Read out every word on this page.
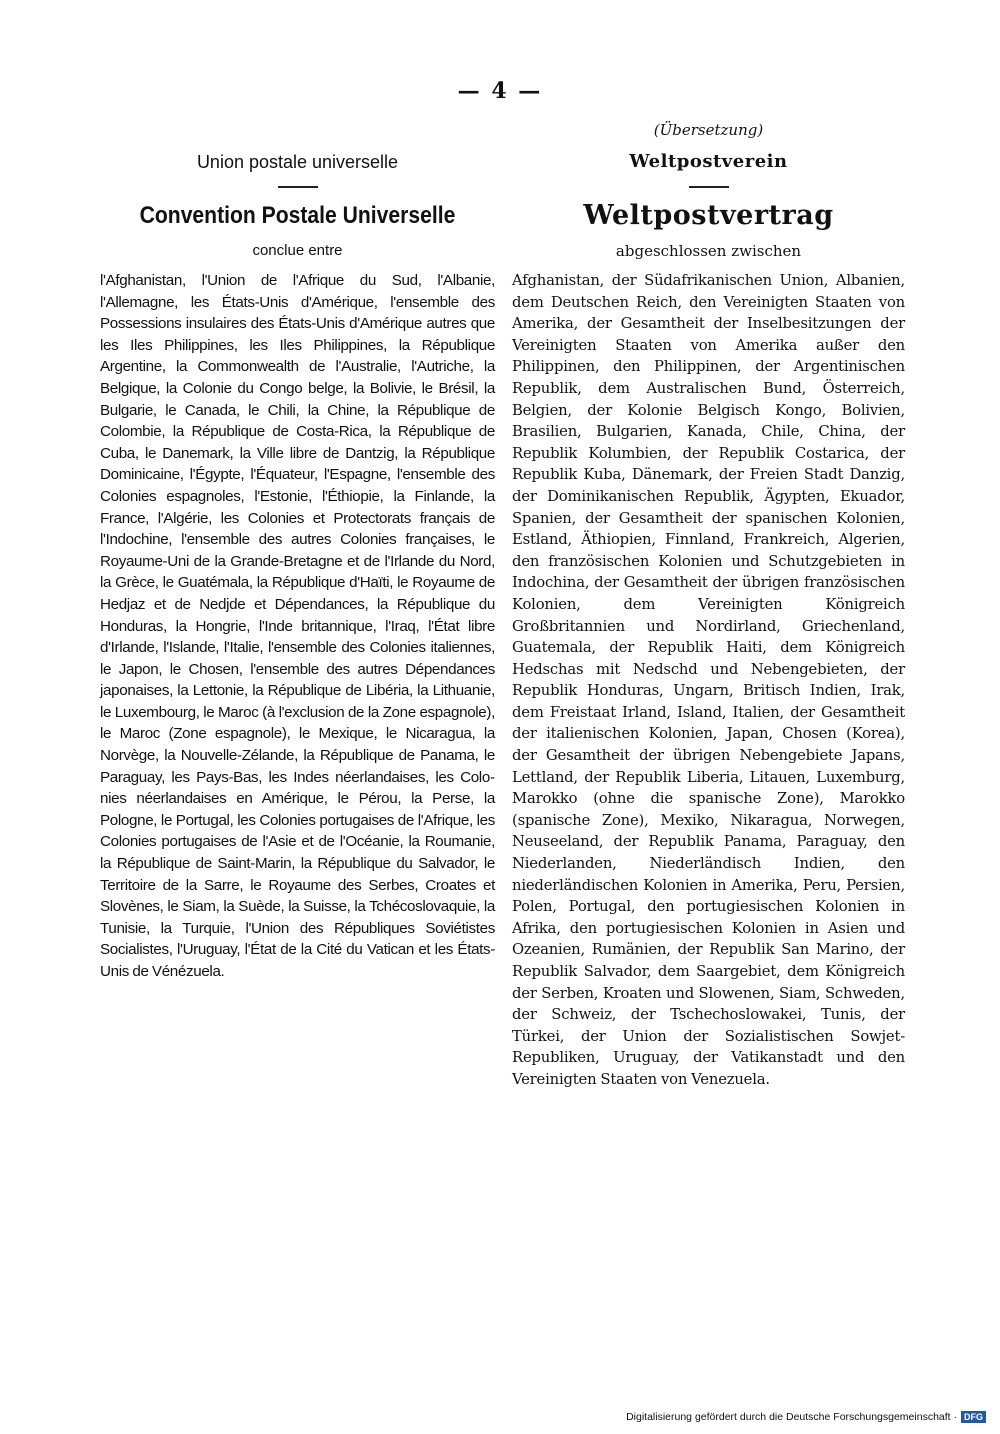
— 4 —
Union postale universelle
Convention Postale Universelle
conclue entre
l'Afghanistan, l'Union de l'Afrique du Sud, l'Albanie, l'Allemagne, les États-Unis d'Amérique, l'ensemble des Possessions insulaires des États-Unis d'Amérique autres que les Iles Philippines, les Iles Philippines, la République Argentine, la Commonwealth de l'Australie, l'Autriche, la Belgique, la Colonie du Congo belge, la Bolivie, le Brésil, la Bulgarie, le Canada, le Chili, la Chine, la République de Colombie, la République de Costa-Rica, la République de Cuba, le Danemark, la Ville libre de Dantzig, la République Dominicaine, l'Égypte, l'Équateur, l'Espagne, l'ensemble des Colonies espagnoles, l'Estonie, l'Éthiopie, la Finlande, la France, l'Algérie, les Colonies et Protectorats français de l'Indochine, l'ensemble des autres Colonies françaises, le Royaume-Uni de la Grande-Bretagne et de l'Irlande du Nord, la Grèce, le Guatémala, la République d'Haïti, le Royaume de Hedjaz et de Nedjde et Dépendances, la République du Honduras, la Hongrie, l'Inde britannique, l'Iraq, l'État libre d'Irlande, l'Islande, l'Italie, l'ensemble des Colonies italiennes, le Japon, le Chosen, l'ensemble des autres Dépendances japonaises, la Lettonie, la République de Libéria, la Lithuanie, le Luxembourg, le Maroc (à l'exclusion de la Zone espagnole), le Maroc (Zone espagnole), le Mexique, le Nicaragua, la Norvège, la Nouvelle-Zélande, la République de Panama, le Paraguay, les Pays-Bas, les Indes néerlandaises, les Colonies néerlandaises en Amérique, le Pérou, la Perse, la Pologne, le Portugal, les Colonies portugaises de l'Afrique, les Colonies portugaises de l'Asie et de l'Océanie, la Roumanie, la République de Saint-Marin, la République du Salvador, le Territoire de la Sarre, le Royaume des Serbes, Croates et Slovènes, le Siam, la Suède, la Suisse, la Tchécoslovaquie, la Tunisie, la Turquie, l'Union des Républiques Soviétistes Socialistes, l'Uruguay, l'État de la Cité du Vatican et les États-Unis de Vénézuela.
(Übersetzung)
Weltpostverein
Weltpostvertrag
abgeschlossen zwischen
Afghanistan, der Südafrikanischen Union, Albanien, dem Deutschen Reich, den Vereinigten Staaten von Amerika, der Gesamtheit der Inselbesitzungen der Vereinigten Staaten von Amerika außer den Philippinen, den Philippinen, der Argentinischen Republik, dem Australischen Bund, Österreich, Belgien, der Kolonie Belgisch Kongo, Bolivien, Brasilien, Bulgarien, Kanada, Chile, China, der Republik Kolumbien, der Republik Costarica, der Republik Kuba, Dänemark, der Freien Stadt Danzig, der Dominikanischen Republik, Ägypten, Ekuador, Spanien, der Gesamtheit der spanischen Kolonien, Estland, Äthiopien, Finnland, Frankreich, Algerien, den französischen Kolonien und Schutzgebieten in Indochina, der Gesamtheit der übrigen französischen Kolonien, dem Vereinigten Königreich Großbritannien und Nordirland, Griechenland, Guatemala, der Republik Haiti, dem Königreich Hedschas mit Nedschd und Nebengebieten, der Republik Honduras, Ungarn, Britisch Indien, Irak, dem Freistaat Irland, Island, Italien, der Gesamtheit der italienischen Kolonien, Japan, Chosen (Korea), der Gesamtheit der übrigen Nebengebiete Japans, Lettland, der Republik Liberia, Litauen, Luxemburg, Marokko (ohne die spanische Zone), Marokko (spanische Zone), Mexiko, Nikaragua, Norwegen, Neuseeland, der Republik Panama, Paraguay, den Niederlanden, Niederländisch Indien, den niederländischen Kolonien in Amerika, Peru, Persien, Polen, Portugal, den portugiesischen Kolonien in Afrika, den portugiesischen Kolonien in Asien und Ozeanien, Rumänien, der Republik San Marino, der Republik Salvador, dem Saargebiet, dem Königreich der Serben, Kroaten und Slowenen, Siam, Schweden, der Schweiz, der Tschechoslowakei, Tunis, der Türkei, der Union der Sozialistischen Sowjet-Republiken, Uruguay, der Vatikanstadt und den Vereinigten Staaten von Venezuela.
Digitalisierung gefördert durch die Deutsche Forschungsgemeinschaft · DFG
